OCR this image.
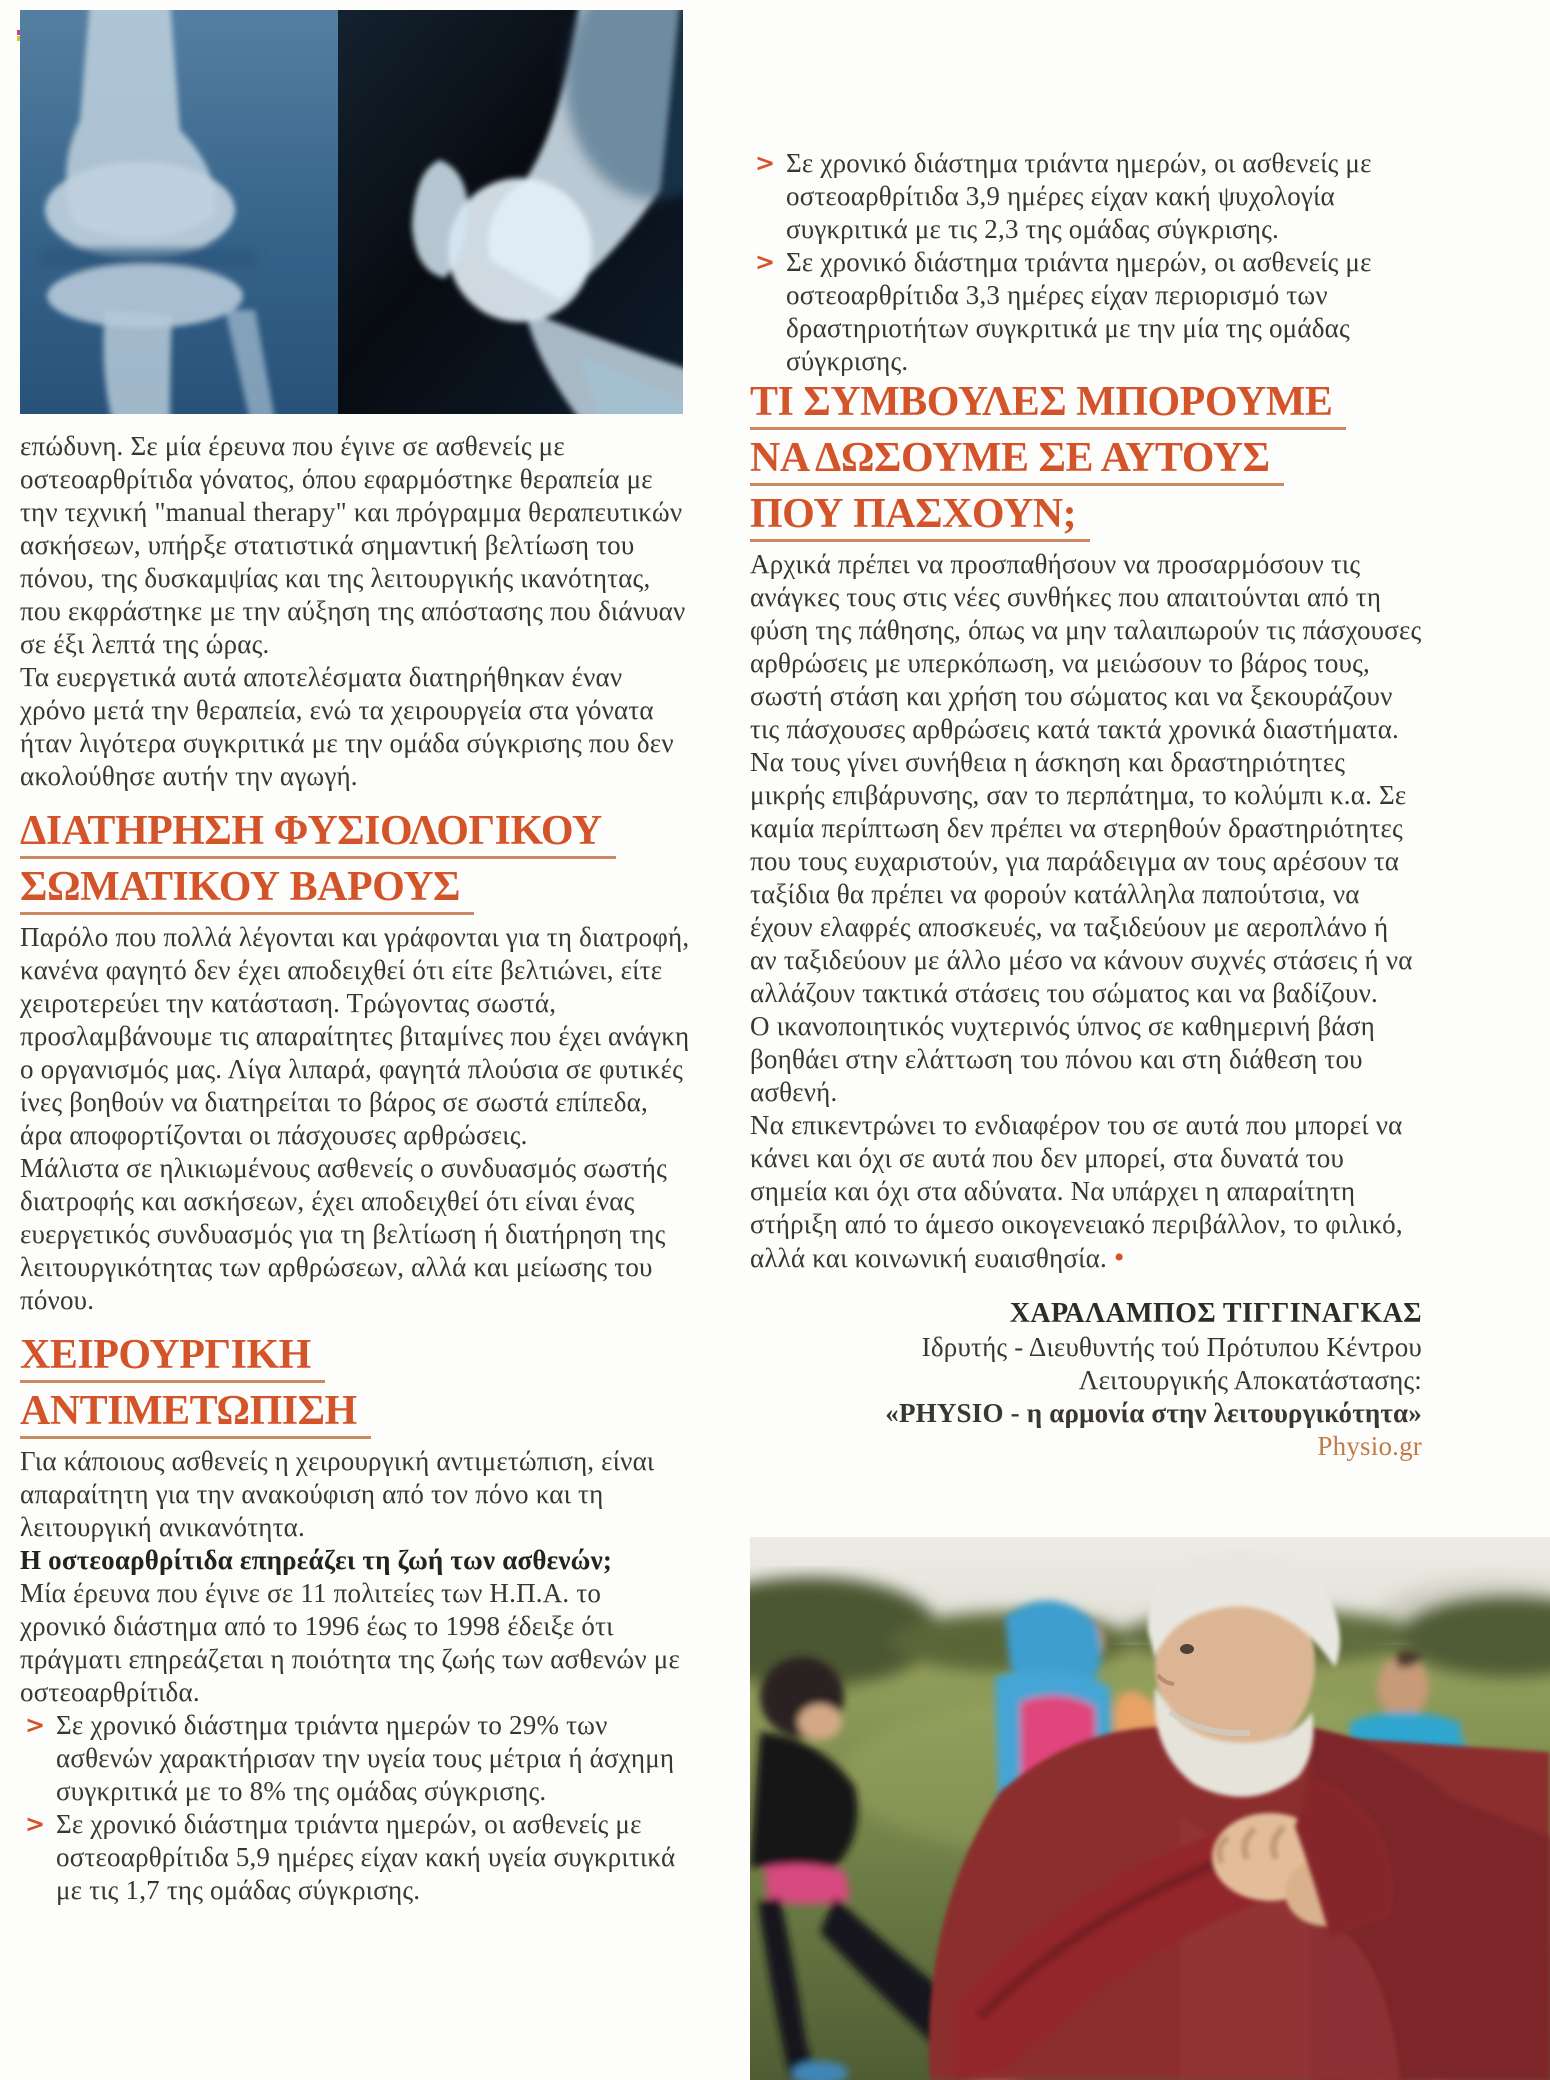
επώδυνη. Σε μία έρευνα που έγινε σε ασθενείς με οστεοαρθρίτιδα γόνατος, όπου εφαρμόστηκε θεραπεία με την τεχνική "manual therapy" και πρόγραμμα θεραπευτικών ασκήσεων, υπήρξε στατιστικά σημαντική βελτίωση του πόνου, της δυσκαμψίας και της λειτουργικής ικανότητας, που εκφράστηκε με την αύξηση της απόστασης που διάνυαν σε έξι λεπτά της ώρας.

Τα ευεργετικά αυτά αποτελέσματα διατηρήθηκαν έναν χρόνο μετά την θεραπεία, ενώ τα χειρουργεία στα γόνατα ήταν λιγότερα συγκριτικά με την ομάδα σύγκρισης που δεν ακολούθησε αυτήν την αγωγή.

ΔΙΑΤΗΡΗΣΗ ΦΥΣΙΟΛΟΓΙΚΟΥ
ΣΩΜΑΤΙΚΟΥ ΒΑΡΟΥΣ

Παρόλο που πολλά λέγονται και γράφονται για τη διατροφή, κανένα φαγητό δεν έχει αποδειχθεί ότι είτε βελτιώνει, είτε χειροτερεύει την κατάσταση. Τρώγοντας σωστά, προσλαμβάνουμε τις απαραίτητες βιταμίνες που έχει ανάγκη ο οργανισμός μας. Λίγα λιπαρά, φαγητά πλούσια σε φυτικές ίνες βοηθούν να διατηρείται το βάρος σε σωστά επίπεδα, άρα αποφορτίζονται οι πάσχουσες αρθρώσεις.

Μάλιστα σε ηλικιωμένους ασθενείς ο συνδυασμός σωστής διατροφής και ασκήσεων, έχει αποδειχθεί ότι είναι ένας ευεργετικός συνδυασμός για τη βελτίωση ή διατήρηση της λειτουργικότητας των αρθρώσεων, αλλά και μείωσης του πόνου.

ΧΕΙΡΟΥΡΓΙΚΗ
ΑΝΤΙΜΕΤΩΠΙΣΗ

Για κάποιους ασθενείς η χειρουργική αντιμετώπιση, είναι απαραίτητη για την ανακούφιση από τον πόνο και τη λειτουργική ανικανότητα.

Η οστεοαρθρίτιδα επηρεάζει τη ζωή των ασθενών;

Μία έρευνα που έγινε σε 11 πολιτείες των Η.Π.Α. το χρονικό διάστημα από το 1996 έως το 1998 έδειξε ότι πράγματι επηρεάζεται η ποιότητα της ζωής των ασθενών με οστεοαρθρίτιδα.

> Σε χρονικό διάστημα τριάντα ημερών το 29% των ασθενών χαρακτήρισαν την υγεία τους μέτρια ή άσχημη συγκριτικά με το 8% της ομάδας σύγκρισης.
> Σε χρονικό διάστημα τριάντα ημερών, οι ασθενείς με οστεοαρθρίτιδα 5,9 ημέρες είχαν κακή υγεία συγκριτικά με τις 1,7 της ομάδας σύγκρισης.
> Σε χρονικό διάστημα τριάντα ημερών, οι ασθενείς με οστεοαρθρίτιδα 3,9 ημέρες είχαν κακή ψυχολογία συγκριτικά με τις 2,3 της ομάδας σύγκρισης.
> Σε χρονικό διάστημα τριάντα ημερών, οι ασθενείς με οστεοαρθρίτιδα 3,3 ημέρες είχαν περιορισμό των δραστηριοτήτων συγκριτικά με την μία της ομάδας σύγκρισης.
ΤΙ ΣΥΜΒΟΥΛΕΣ ΜΠΟΡΟΥΜΕ
ΝΑ ΔΩΣΟΥΜΕ ΣΕ ΑΥΤΟΥΣ
ΠΟΥ ΠΑΣΧΟΥΝ;

Αρχικά πρέπει να προσπαθήσουν να προσαρμόσουν τις ανάγκες τους στις νέες συνθήκες που απαιτούνται από τη φύση της πάθησης, όπως να μην ταλαιπωρούν τις πάσχουσες αρθρώσεις με υπερκόπωση, να μειώσουν το βάρος τους, σωστή στάση και χρήση του σώματος και να ξεκουράζουν τις πάσχουσες αρθρώσεις κατά τακτά χρονικά διαστήματα.

Να τους γίνει συνήθεια η άσκηση και δραστηριότητες μικρής επιβάρυνσης, σαν το περπάτημα, το κολύμπι κ.α. Σε καμία περίπτωση δεν πρέπει να στερηθούν δραστηριότητες που τους ευχαριστούν, για παράδειγμα αν τους αρέσουν τα ταξίδια θα πρέπει να φορούν κατάλληλα παπούτσια, να έχουν ελαφρές αποσκευές, να ταξιδεύουν με αεροπλάνο ή αν ταξιδεύουν με άλλο μέσο να κάνουν συχνές στάσεις ή να αλλάζουν τακτικά στάσεις του σώματος και να βαδίζουν.

Ο ικανοποιητικός νυχτερινός ύπνος σε καθημερινή βάση βοηθάει στην ελάττωση του πόνου και στη διάθεση του ασθενή.

Να επικεντρώνει το ενδιαφέρον του σε αυτά που μπορεί να κάνει και όχι σε αυτά που δεν μπορεί, στα δυνατά του σημεία και όχι στα αδύνατα. Να υπάρχει η απαραίτητη στήριξη από το άμεσο οικογενειακό περιβάλλον, το φιλικό, αλλά και κοινωνική ευαισθησία. •

ΧΑΡΑΛΑΜΠΟΣ ΤΙΓΓΙΝΑΓΚΑΣ
Ιδρυτής - Διευθυντής τού Πρότυπου Κέντρου
Λειτουργικής Αποκατάστασης:
«PHYSIO - η αρμονία στην λειτουργικότητα»
Physio.gr
